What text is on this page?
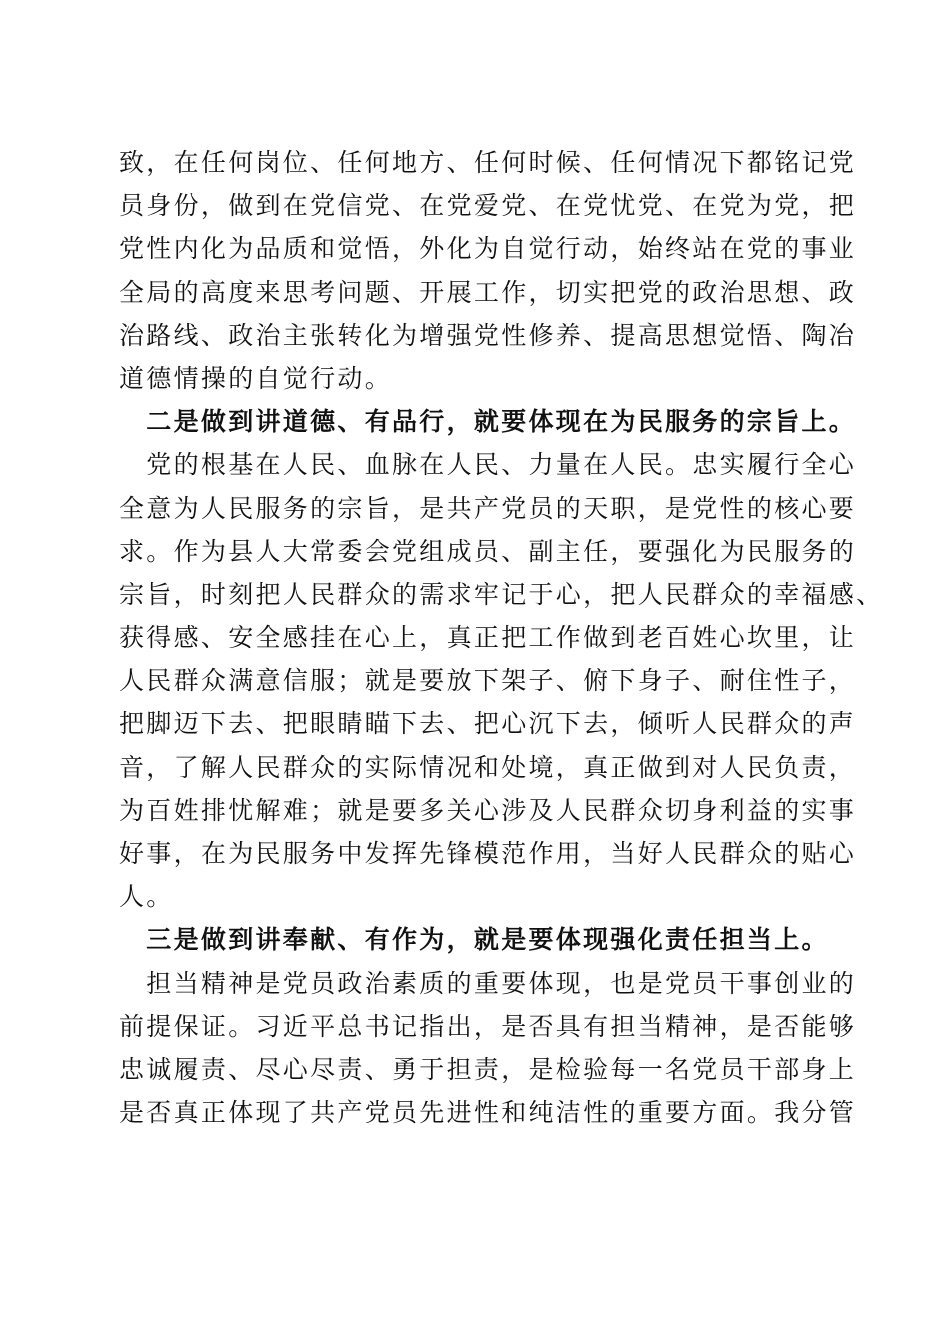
致，在任何岗位、任何地方、任何时候、任何情况下都铭记党
员身份，做到在党信党、在党爱党、在党忧党、在党为党，把
党性内化为品质和觉悟，外化为自觉行动，始终站在党的事业
全局的高度来思考问题、开展工作，切实把党的政治思想、政
治路线、政治主张转化为增强党性修养、提高思想觉悟、陶冶
道德情操的自觉行动。
　二是做到讲道德、有品行，就要体现在为民服务的宗旨上。
　党的根基在人民、血脉在人民、力量在人民。忠实履行全心
全意为人民服务的宗旨，是共产党员的天职，是党性的核心要
求。作为县人大常委会党组成员、副主任，要强化为民服务的
宗旨，时刻把人民群众的需求牢记于心，把人民群众的幸福感、
获得感、安全感挂在心上，真正把工作做到老百姓心坎里，让
人民群众满意信服；就是要放下架子、俯下身子、耐住性子，
把脚迈下去、把眼睛瞄下去、把心沉下去，倾听人民群众的声
音，了解人民群众的实际情况和处境，真正做到对人民负责，
为百姓排忧解难；就是要多关心涉及人民群众切身利益的实事
好事，在为民服务中发挥先锋模范作用，当好人民群众的贴心
人。
　三是做到讲奉献、有作为，就是要体现强化责任担当上。
　担当精神是党员政治素质的重要体现，也是党员干事创业的
前提保证。习近平总书记指出，是否具有担当精神，是否能够
忠诚履责、尽心尽责、勇于担责，是检验每一名党员干部身上
是否真正体现了共产党员先进性和纯洁性的重要方面。我分管
